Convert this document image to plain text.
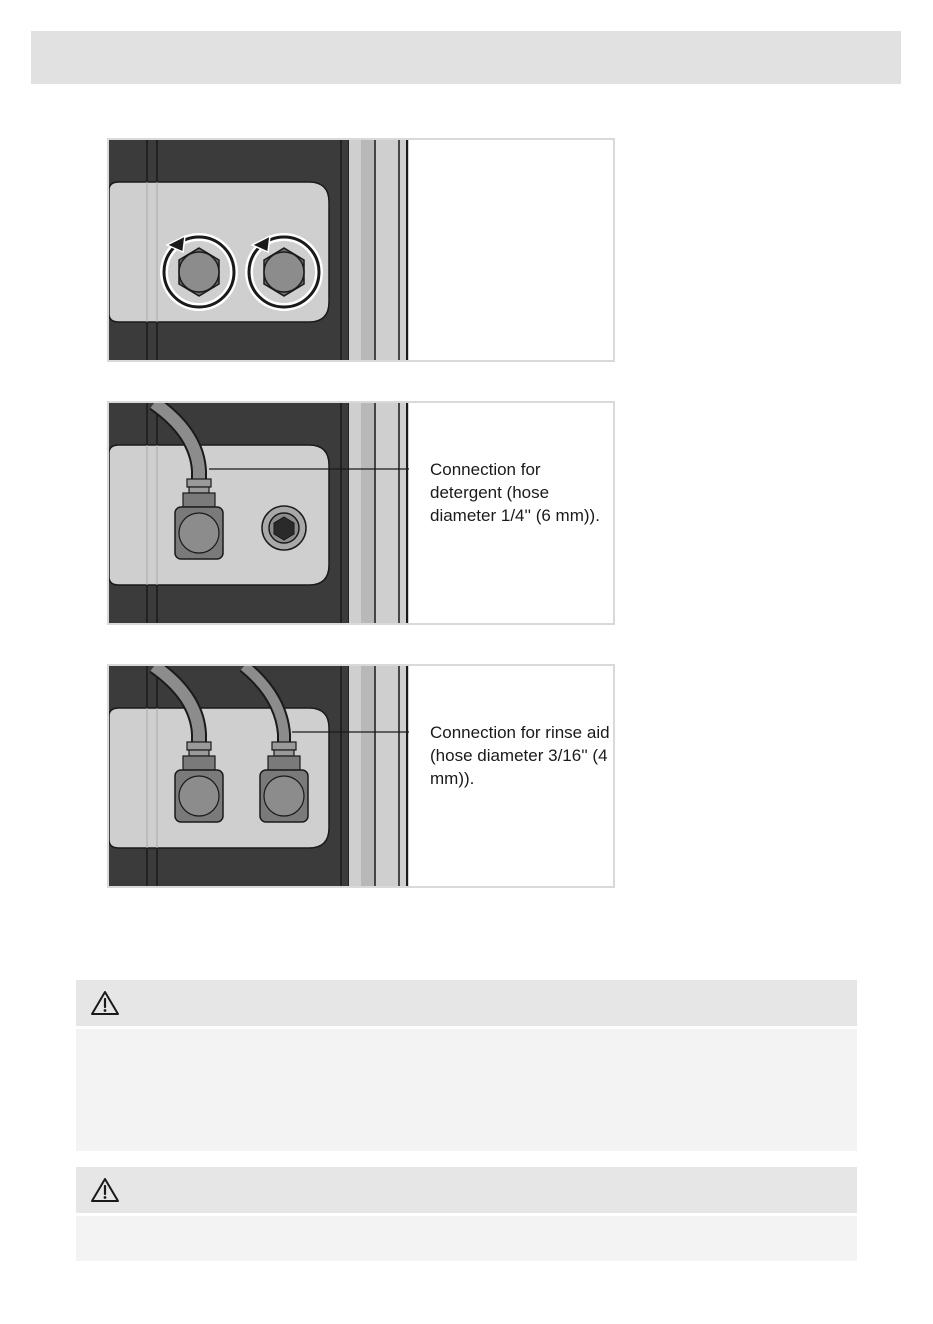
Connection for detergent (hose diameter 1/4'' (6 mm)).
Connection for rinse aid (hose diameter 3/16'' (4 mm)).
